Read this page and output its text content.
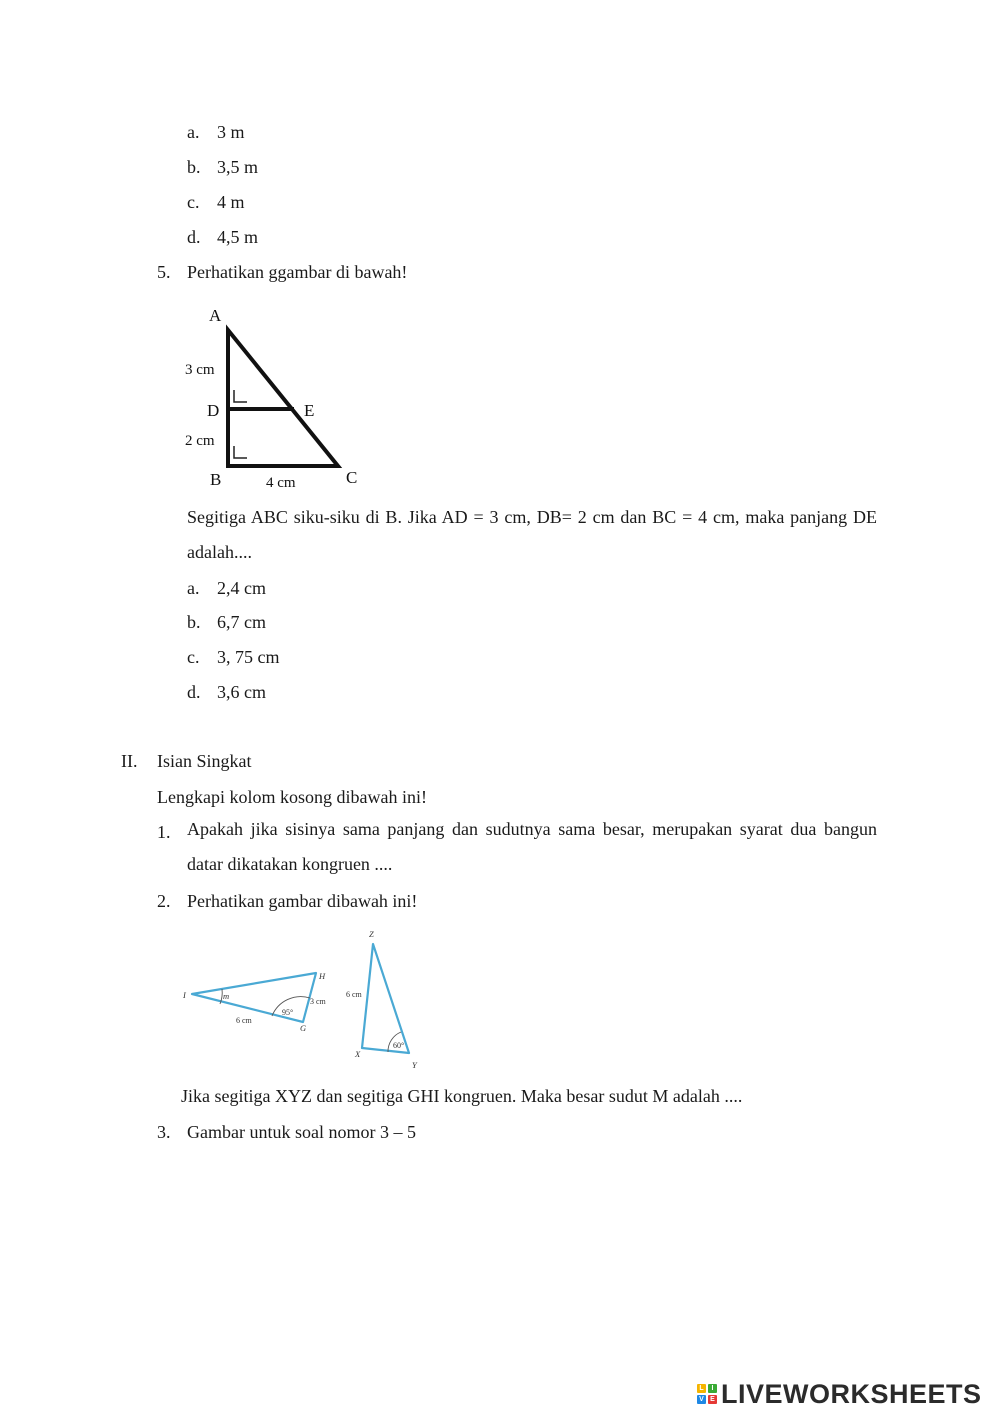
a. 3 m
b. 3,5 m
c. 4 m
d. 4,5 m
5. Perhatikan ggambar di bawah!
A
D	E
B	C
3 cm
2 cm
4 cm

Segitiga ABC siku-siku di B. Jika AD = 3 cm, DB= 2 cm dan BC = 4 cm, maka panjang DE adalah....

a. 2,4 cm
b. 6,7 cm
c. 3, 75 cm
d. 3,6 cm
II. Isian Singkat
Lengkapi kolom kosong dibawah ini!
1. Apakah jika sisinya sama panjang dan sudutnya sama besar, merupakan syarat dua bangun datar dikatakan kongruen ....

2. Perhatikan gambar dibawah ini!
I
H
G
m
Z
X
Y
6 cm
3 cm
95°
6 cm
60°
Jika segitiga XYZ dan segitiga GHI kongruen. Maka besar sudut M adalah ....
3. Gambar untuk soal nomor 3 – 5
L	I
V E LIVEWORKSHEETS
